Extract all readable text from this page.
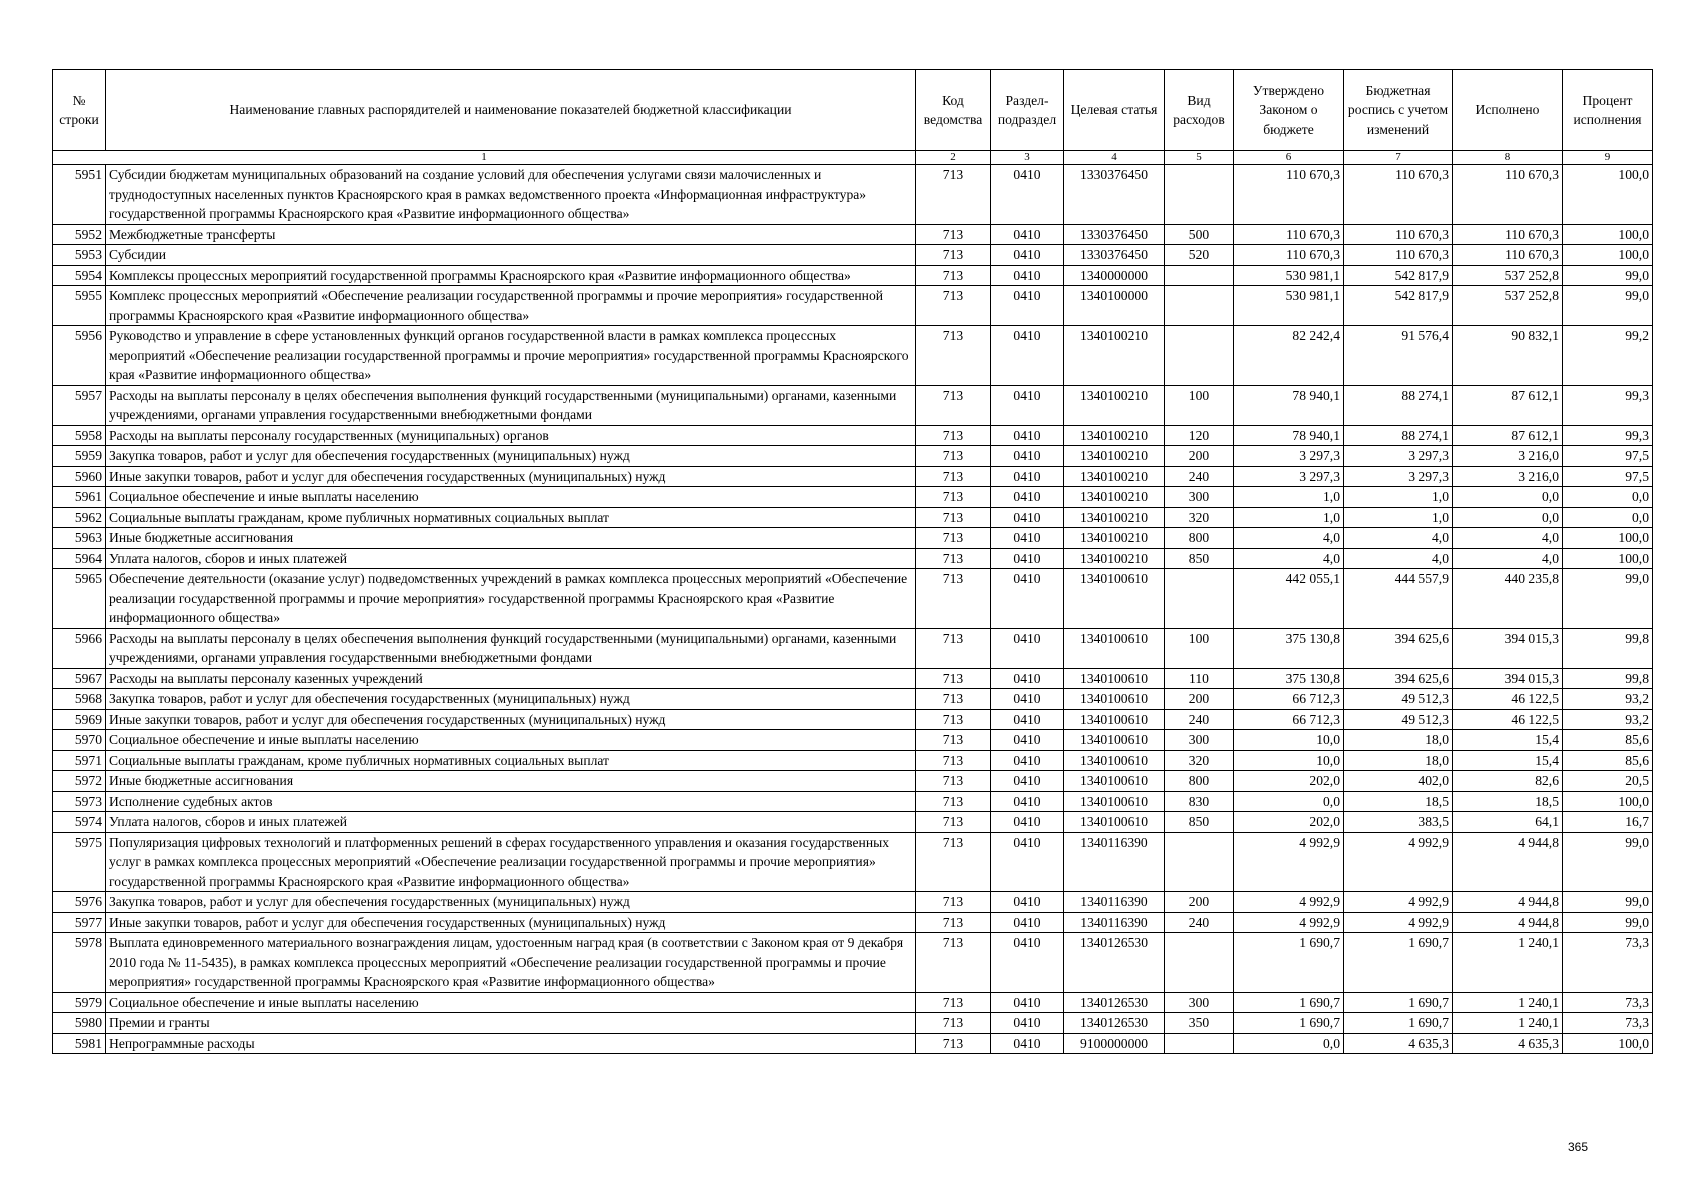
№ строки	Наименование главных распорядителей и наименование показателей бюджетной классификации	Код ведомства	Раздел-подраздел	Целевая статья	Вид расходов	Утверждено Законом о бюджете	Бюджетная роспись с учетом изменений	Исполнено	Процент исполнения
1		2	3	4	5	6	7	8	9
5951	Субсидии бюджетам муниципальных образований на создание условий для обеспечения услугами связи малочисленных и труднодоступных населенных пунктов Красноярского края в рамках ведомственного проекта «Информационная инфраструктура» государственной программы Красноярского края «Развитие информационного общества»	713	0410	1330376450		110 670,3	110 670,3	110 670,3	100,0
5952	Межбюджетные трансферты	713	0410	1330376450	500	110 670,3	110 670,3	110 670,3	100,0
5953	Субсидии	713	0410	1330376450	520	110 670,3	110 670,3	110 670,3	100,0
5954	Комплексы процессных мероприятий государственной программы Красноярского края «Развитие информационного общества»	713	0410	1340000000		530 981,1	542 817,9	537 252,8	99,0
5955	Комплекс процессных мероприятий «Обеспечение реализации государственной программы и прочие мероприятия» государственной программы Красноярского края «Развитие информационного общества»	713	0410	1340100000		530 981,1	542 817,9	537 252,8	99,0
5956	Руководство и управление в сфере установленных функций органов государственной власти в рамках комплекса процессных мероприятий «Обеспечение реализации государственной программы и прочие мероприятия» государственной программы Красноярского края «Развитие информационного общества»	713	0410	1340100210		82 242,4	91 576,4	90 832,1	99,2
5957	Расходы на выплаты персоналу в целях обеспечения выполнения функций государственными (муниципальными) органами, казенными учреждениями, органами управления государственными внебюджетными фондами	713	0410	1340100210	100	78 940,1	88 274,1	87 612,1	99,3
5958	Расходы на выплаты персоналу государственных (муниципальных) органов	713	0410	1340100210	120	78 940,1	88 274,1	87 612,1	99,3
5959	Закупка товаров, работ и услуг для обеспечения государственных (муниципальных) нужд	713	0410	1340100210	200	3 297,3	3 297,3	3 216,0	97,5
5960	Иные закупки товаров, работ и услуг для обеспечения государственных (муниципальных) нужд	713	0410	1340100210	240	3 297,3	3 297,3	3 216,0	97,5
5961	Социальное обеспечение и иные выплаты населению	713	0410	1340100210	300	1,0	1,0	0,0	0,0
5962	Социальные выплаты гражданам, кроме публичных нормативных социальных выплат	713	0410	1340100210	320	1,0	1,0	0,0	0,0
5963	Иные бюджетные ассигнования	713	0410	1340100210	800	4,0	4,0	4,0	100,0
5964	Уплата налогов, сборов и иных платежей	713	0410	1340100210	850	4,0	4,0	4,0	100,0
5965	Обеспечение деятельности (оказание услуг) подведомственных учреждений в рамках комплекса процессных мероприятий «Обеспечение реализации государственной программы и прочие мероприятия» государственной программы Красноярского края «Развитие информационного общества»	713	0410	1340100610		442 055,1	444 557,9	440 235,8	99,0
5966	Расходы на выплаты персоналу в целях обеспечения выполнения функций государственными (муниципальными) органами, казенными учреждениями, органами управления государственными внебюджетными фондами	713	0410	1340100610	100	375 130,8	394 625,6	394 015,3	99,8
5967	Расходы на выплаты персоналу казенных учреждений	713	0410	1340100610	110	375 130,8	394 625,6	394 015,3	99,8
5968	Закупка товаров, работ и услуг для обеспечения государственных (муниципальных) нужд	713	0410	1340100610	200	66 712,3	49 512,3	46 122,5	93,2
5969	Иные закупки товаров, работ и услуг для обеспечения государственных (муниципальных) нужд	713	0410	1340100610	240	66 712,3	49 512,3	46 122,5	93,2
5970	Социальное обеспечение и иные выплаты населению	713	0410	1340100610	300	10,0	18,0	15,4	85,6
5971	Социальные выплаты гражданам, кроме публичных нормативных социальных выплат	713	0410	1340100610	320	10,0	18,0	15,4	85,6
5972	Иные бюджетные ассигнования	713	0410	1340100610	800	202,0	402,0	82,6	20,5
5973	Исполнение судебных актов	713	0410	1340100610	830	0,0	18,5	18,5	100,0
5974	Уплата налогов, сборов и иных платежей	713	0410	1340100610	850	202,0	383,5	64,1	16,7
5975	Популяризация цифровых технологий и платформенных решений в сферах государственного управления и оказания государственных услуг в рамках комплекса процессных мероприятий «Обеспечение реализации государственной программы и прочие мероприятия» государственной программы Красноярского края «Развитие информационного общества»	713	0410	1340116390		4 992,9	4 992,9	4 944,8	99,0
5976	Закупка товаров, работ и услуг для обеспечения государственных (муниципальных) нужд	713	0410	1340116390	200	4 992,9	4 992,9	4 944,8	99,0
5977	Иные закупки товаров, работ и услуг для обеспечения государственных (муниципальных) нужд	713	0410	1340116390	240	4 992,9	4 992,9	4 944,8	99,0
5978	Выплата единовременного материального вознаграждения лицам, удостоенным наград края (в соответствии с Законом края от 9 декабря 2010 года № 11-5435), в рамках комплекса процессных мероприятий «Обеспечение реализации государственной программы и прочие мероприятия» государственной программы Красноярского края «Развитие информационного общества»	713	0410	1340126530		1 690,7	1 690,7	1 240,1	73,3
5979	Социальное обеспечение и иные выплаты населению	713	0410	1340126530	300	1 690,7	1 690,7	1 240,1	73,3
5980	Премии и гранты	713	0410	1340126530	350	1 690,7	1 690,7	1 240,1	73,3
5981	Непрограммные расходы	713	0410	9100000000		0,0	4 635,3	4 635,3	100,0
365
